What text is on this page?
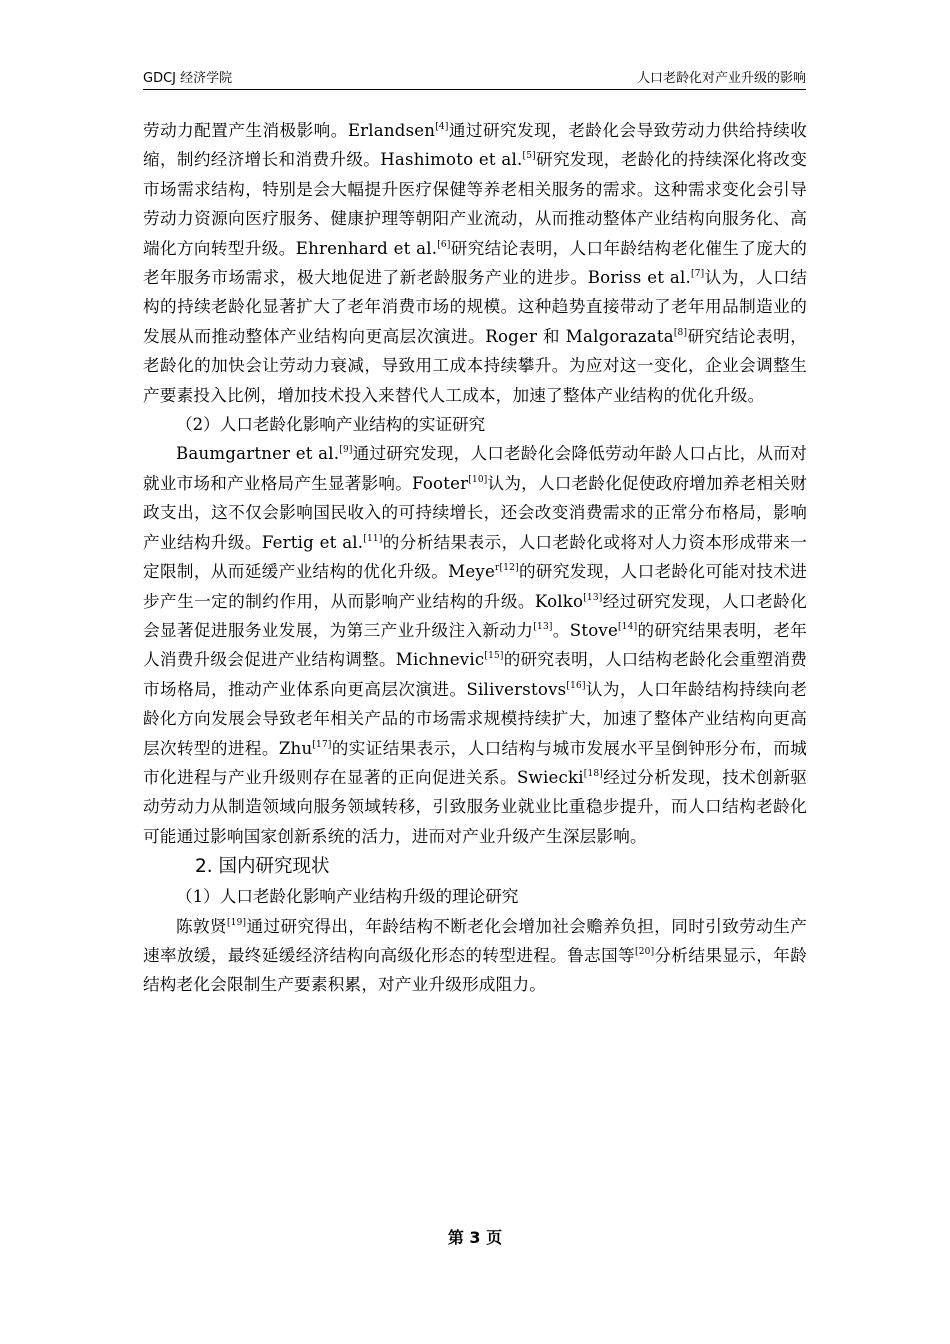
GDCJ 经济学院	人口老龄化对产业升级的影响

劳动力配置产生消极影响。Erlandsen[4]通过研究发现，老龄化会导致劳动力供给持续收缩，制约经济增长和消费升级。Hashimoto et al.[5]研究发现，老龄化的持续深化将改变市场需求结构，特别是会大幅提升医疗保健等养老相关服务的需求。这种需求变化会引导劳动力资源向医疗服务、健康护理等朝阳产业流动，从而推动整体产业结构向服务化、高端化方向转型升级。Ehrenhard et al.[6]研究结论表明，人口年龄结构老化催生了庞大的老年服务市场需求，极大地促进了新老龄服务产业的进步。Boriss et al.[7]认为，人口结构的持续老龄化显著扩大了老年消费市场的规模。这种趋势直接带动了老年用品制造业的发展从而推动整体产业结构向更高层次演进。Roger 和 Malgorazata[8]研究结论表明，老龄化的加快会让劳动力衰减，导致用工成本持续攀升。为应对这一变化，企业会调整生产要素投入比例，增加技术投入来替代人工成本，加速了整体产业结构的优化升级。

（2）人口老龄化影响产业结构的实证研究

Baumgartner et al.[9]通过研究发现，人口老龄化会降低劳动年龄人口占比，从而对就业市场和产业格局产生显著影响。Footer[10]认为，人口老龄化促使政府增加养老相关财政支出，这不仅会影响国民收入的可持续增长，还会改变消费需求的正常分布格局，影响产业结构升级。Fertig et al.[11]的分析结果表示，人口老龄化或将对人力资本形成带来一定限制，从而延缓产业结构的优化升级。Meye$^{r[12]}$的研究发现，人口老龄化可能对技术进步产生一定的制约作用，从而影响产业结构的升级。Kolko[13]经过研究发现，人口老龄化会显著促进服务业发展，为第三产业升级注入新动力[13]。Stove[14]的研究结果表明，老年人消费升级会促进产业结构调整。Michnevic[15]的研究表明，人口结构老龄化会重塑消费市场格局，推动产业体系向更高层次演进。Siliverstovs[16]认为，人口年龄结构持续向老龄化方向发展会导致老年相关产品的市场需求规模持续扩大，加速了整体产业结构向更高层次转型的进程。Zhu[17]的实证结果表示，人口结构与城市发展水平呈倒钟形分布，而城市化进程与产业升级则存在显著的正向促进关系。Swiecki[18]经过分析发现，技术创新驱动劳动力从制造领域向服务领域转移，引致服务业就业比重稳步提升，而人口结构老龄化可能通过影响国家创新系统的活力，进而对产业升级产生深层影响。

2. 国内研究现状

（1）人口老龄化影响产业结构升级的理论研究

陈敦贤[19]通过研究得出，年龄结构不断老化会增加社会赡养负担，同时引致劳动生产速率放缓，最终延缓经济结构向高级化形态的转型进程。鲁志国等[20]分析结果显示，年龄结构老化会限制生产要素积累，对产业升级形成阻力。

第 3 页
